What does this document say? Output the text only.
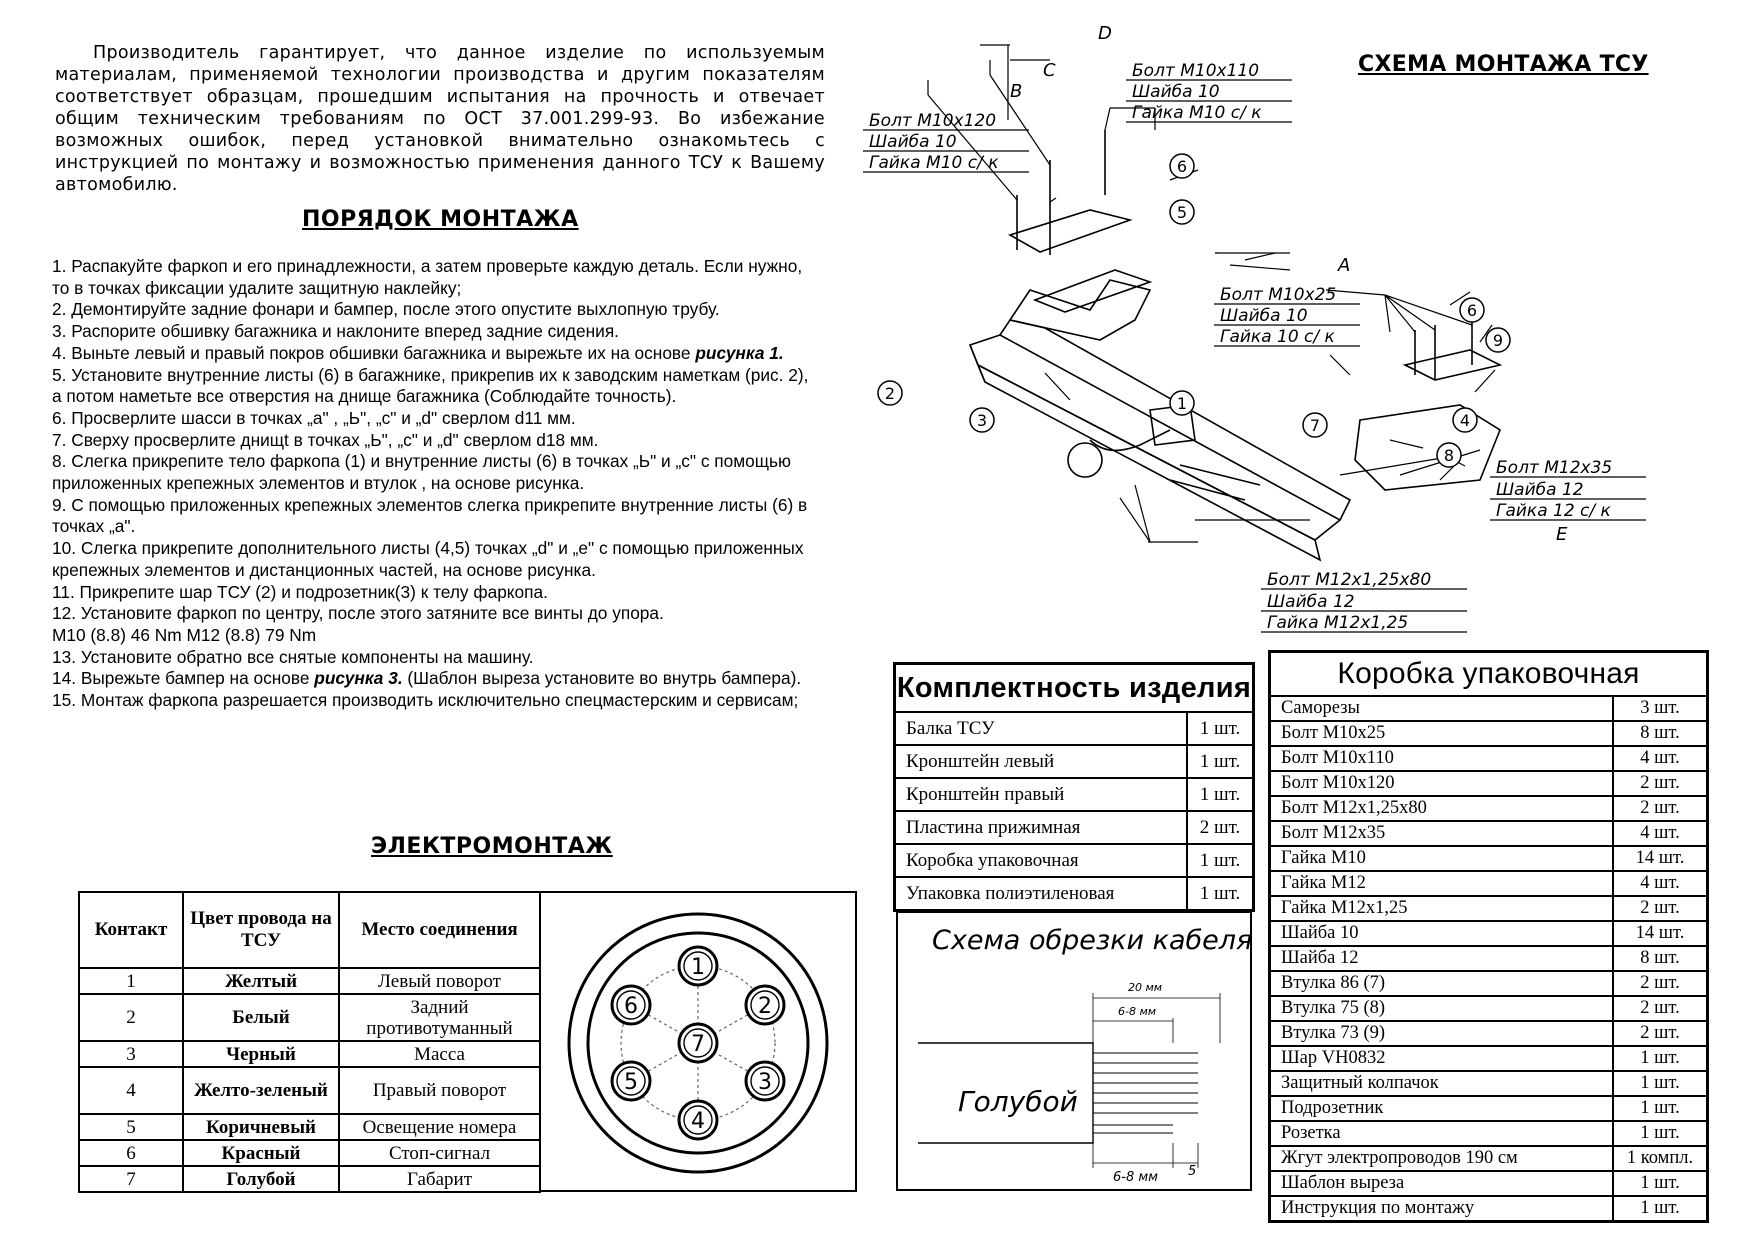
Производитель гарантирует, что данное изделие по используемым материалам, применяемой технологии производства и другим показателям соответствует образцам, прошедшим испытания на прочность и отвечает общим техническим требованиям по ОСТ 37.001.299-93. Во избежание возможных ошибок, перед установкой внимательно ознакомьтесь с инструкцией по монтажу и возможностью применения данного ТСУ к Вашему автомобилю.

ПОРЯДОК МОНТАЖА

1. Распакуйте фаркоп и его принадлежности, а затем проверьте каждую деталь. Если нужно, то в точках фиксации удалите защитную наклейку;

2. Демонтируйте задние фонари и бампер, после этого опустите выхлопную трубу.

3. Распорите обшивку багажника и наклоните вперед задние сидения.

4. Выньте левый и правый покров обшивки багажника и вырежьте их на основе рисунка 1.

5. Установите внутренние листы (6) в багажнике, прикрепив их к заводским наметкам (рис. 2), а потом наметьте все отверстия на днище багажника (Соблюдайте точность).

6. Просверлите шасси в точках „а" , „Ь", „с" и „d" сверлом d11 мм.

7. Сверху просверлите днищt в точках „Ь", „с" и „d" сверлом d18 мм.

8. Слегка прикрепите тело фаркопа (1) и внутренние листы (6) в точках „Ь" и „с" с помощью приложенных крепежных элементов и втулок , на основе рисунка.

9. С помощью приложенных крепежных элементов слегка прикрепите внутренние листы (6) в точках „а".

10. Слегка прикрепите дополнительного листы (4,5) точках „d" и „е" с помощью приложенных крепежных элементов и дистанционных частей, на основе рисунка.

11. Прикрепите шар ТСУ (2) и подрозетник(3) к телу фаркопа.

12. Установите фаркоп по центру, после этого затяните все винты до упора.

M10 (8.8) 46 Nm M12 (8.8) 79 Nm

13. Установите обратно все снятые компоненты на машину.

14. Вырежьте бампер на основе рисунка 3. (Шаблон выреза установите во внутрь бампера).

15. Монтаж фаркопа разрешается производить исключительно спецмастерским и сервисам;

ЭЛЕКТРОМОНТАЖ
Контакт	Цвет провода на ТСУ	Место соединения
1	Желтый	Левый поворот
2	Белый	Задний противотуманный
3	Черный	Масса
4	Желто-зеленый	Правый поворот
5	Коричневый	Освещение номера
6	Красный	Стоп-сигнал
7	Голубой	Габарит
1
2
3
4
5
6
7
СХЕМА МОНТАЖА ТСУ
1
2
3	4
5
6
6
7
8
9
D
C
B
A
E
Болт М10х110
Шайба 10
Гайка М10 с/ к
Болт М10х120
Шайба 10
Гайка М10 с/ к
Болт М10х25
Шайба 10
Гайка 10 с/ к
Болт М12х35
Шайба 12
Гайка 12 с/ к
Болт М12х1,25х80
Шайба 12
Гайка М12х1,25
Комплектность изделия
Балка ТСУ	1 шт.
Кронштейн левый	1 шт.
Кронштейн правый	1 шт.
Пластина прижимная	2 шт.
Коробка упаковочная	1 шт.
Упаковка полиэтиленовая	1 шт.
Коробка упаковочная
Саморезы	3 шт.
Болт М10х25	8 шт.
Болт М10х110	4 шт.
Болт М10х120	2 шт.
Болт М12х1,25х80	2 шт.
Болт М12х35	4 шт.
Гайка М10	14 шт.
Гайка М12	4 шт.
Гайка М12х1,25	2 шт.
Шайба 10	14 шт.
Шайба 12	8 шт.
Втулка 86 (7)	2 шт.
Втулка 75 (8)	2 шт.
Втулка 73 (9)	2 шт.
Шар VH0832	1 шт.
Защитный колпачок	1 шт.
Подрозетник	1 шт.
Розетка	1 шт.
Жгут электропроводов 190 см	1 компл.
Шаблон выреза	1 шт.
Инструкция по монтажу	1 шт.
Схема обрезки кабеля
20 мм
6-8 мм
6-8 мм 5
Голубой
